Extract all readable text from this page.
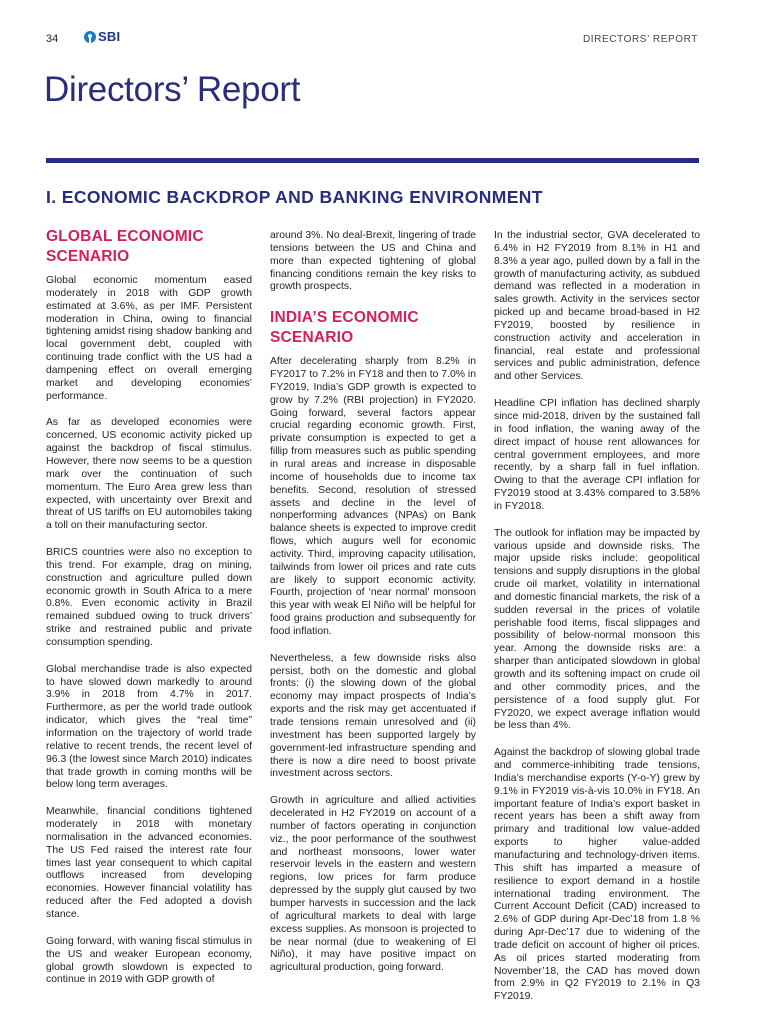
34	SBI	DIRECTORS’ REPORT
Directors’ Report
I. ECONOMIC BACKDROP AND BANKING ENVIRONMENT
GLOBAL ECONOMIC SCENARIO

Global economic momentum eased moderately in 2018 with GDP growth estimated at 3.6%, as per IMF. Persistent moderation in China, owing to financial tightening amidst rising shadow banking and local government debt, coupled with continuing trade conflict with the US had a dampening effect on overall emerging market and developing economies’ performance.

As far as developed economies were concerned, US economic activity picked up against the backdrop of fiscal stimulus. However, there now seems to be a question mark over the continuation of such momentum. The Euro Area grew less than expected, with uncertainty over Brexit and threat of US tariffs on EU automobiles taking a toll on their manufacturing sector.

BRICS countries were also no exception to this trend. For example, drag on mining, construction and agriculture pulled down economic growth in South Africa to a mere 0.8%. Even economic activity in Brazil remained subdued owing to truck drivers’ strike and restrained public and private consumption spending.

Global merchandise trade is also expected to have slowed down markedly to around 3.9% in 2018 from 4.7% in 2017. Furthermore, as per the world trade outlook indicator, which gives the “real time” information on the trajectory of world trade relative to recent trends, the recent level of 96.3 (the lowest since March 2010) indicates that trade growth in coming months will be below long term averages.

Meanwhile, financial conditions tightened moderately in 2018 with monetary normalisation in the advanced economies. The US Fed raised the interest rate four times last year consequent to which capital outflows increased from developing economies. However financial volatility has reduced after the Fed adopted a dovish stance.

Going forward, with waning fiscal stimulus in the US and weaker European economy, global growth slowdown is expected to continue in 2019 with GDP growth of

around 3%. No deal-Brexit, lingering of trade tensions between the US and China and more than expected tightening of global financing conditions remain the key risks to growth prospects.

INDIA’S ECONOMIC SCENARIO

After decelerating sharply from 8.2% in FY2017 to 7.2% in FY18 and then to 7.0% in FY2019, India’s GDP growth is expected to grow by 7.2% (RBI projection) in FY2020. Going forward, several factors appear crucial regarding economic growth. First, private consumption is expected to get a fillip from measures such as public spending in rural areas and increase in disposable income of households due to income tax benefits. Second, resolution of stressed assets and decline in the level of nonperforming advances (NPAs) on Bank balance sheets is expected to improve credit flows, which augurs well for economic activity. Third, improving capacity utilisation, tailwinds from lower oil prices and rate cuts are likely to support economic activity. Fourth, projection of ‘near normal’ monsoon this year with weak El Niño will be helpful for food grains production and subsequently for food inflation.

Nevertheless, a few downside risks also persist, both on the domestic and global fronts: (i) the slowing down of the global economy may impact prospects of India’s exports and the risk may get accentuated if trade tensions remain unresolved and (ii) investment has been supported largely by government-led infrastructure spending and there is now a dire need to boost private investment across sectors.

Growth in agriculture and allied activities decelerated in H2 FY2019 on account of a number of factors operating in conjunction viz., the poor performance of the southwest and northeast monsoons, lower water reservoir levels in the eastern and western regions, low prices for farm produce depressed by the supply glut caused by two bumper harvests in succession and the lack of agricultural markets to deal with large excess supplies. As monsoon is projected to be near normal (due to weakening of El Niño), it may have positive impact on agricultural production, going forward.

In the industrial sector, GVA decelerated to 6.4% in H2 FY2019 from 8.1% in H1 and 8.3% a year ago, pulled down by a fall in the growth of manufacturing activity, as subdued demand was reflected in a moderation in sales growth. Activity in the services sector picked up and became broad-based in H2 FY2019, boosted by resilience in construction activity and acceleration in financial, real estate and professional services and public administration, defence and other Services.

Headline CPI inflation has declined sharply since mid-2018, driven by the sustained fall in food inflation, the waning away of the direct impact of house rent allowances for central government employees, and more recently, by a sharp fall in fuel inflation. Owing to that the average CPI inflation for FY2019 stood at 3.43% compared to 3.58% in FY2018.

The outlook for inflation may be impacted by various upside and downside risks. The major upside risks include: geopolitical tensions and supply disruptions in the global crude oil market, volatility in international and domestic financial markets, the risk of a sudden reversal in the prices of volatile perishable food items, fiscal slippages and possibility of below-normal monsoon this year. Among the downside risks are: a sharper than anticipated slowdown in global growth and its softening impact on crude oil and other commodity prices, and the persistence of a food supply glut. For FY2020, we expect average inflation would be less than 4%.

Against the backdrop of slowing global trade and commerce-inhibiting trade tensions, India’s merchandise exports (Y-o-Y) grew by 9.1% in FY2019 vis-à-vis 10.0% in FY18. An important feature of India’s export basket in recent years has been a shift away from primary and traditional low value-added exports to higher value-added manufacturing and technology-driven items. This shift has imparted a measure of resilience to export demand in a hostile international trading environment. The Current Account Deficit (CAD) increased to 2.6% of GDP during Apr-Dec’18 from 1.8 % during Apr-Dec’17 due to widening of the trade deficit on account of higher oil prices. As oil prices started moderating from November’18, the CAD has moved down from 2.9% in Q2 FY2019 to 2.1% in Q3 FY2019.
